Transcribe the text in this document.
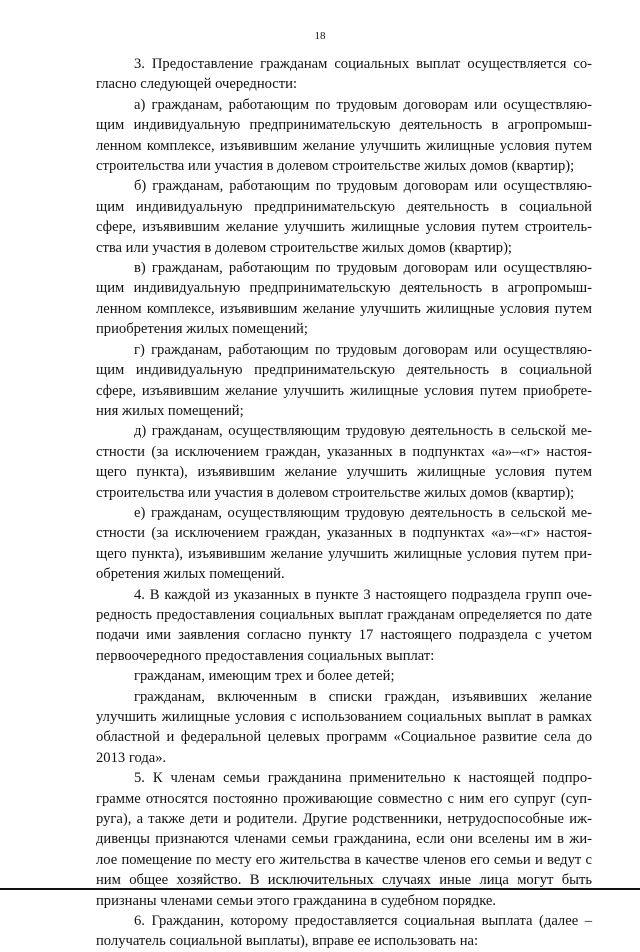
18

3. Предоставление гражданам социальных выплат осуществляется согласно следующей очередности:

а) гражданам, работающим по трудовым договорам или осуществляющим индивидуальную предпринимательскую деятельность в агропромышленном комплексе, изъявившим желание улучшить жилищные условия путем строительства или участия в долевом строительстве жилых домов (квартир);

б) гражданам, работающим по трудовым договорам или осуществляющим индивидуальную предпринимательскую деятельность в социальной сфере, изъявившим желание улучшить жилищные условия путем строительства или участия в долевом строительстве жилых домов (квартир);

в) гражданам, работающим по трудовым договорам или осуществляющим индивидуальную предпринимательскую деятельность в агропромышленном комплексе, изъявившим желание улучшить жилищные условия путем приобретения жилых помещений;

г) гражданам, работающим по трудовым договорам или осуществляющим индивидуальную предпринимательскую деятельность в социальной сфере, изъявившим желание улучшить жилищные условия путем приобретения жилых помещений;

д) гражданам, осуществляющим трудовую деятельность в сельской местности (за исключением граждан, указанных в подпунктах «а»–«г» настоящего пункта), изъявившим желание улучшить жилищные условия путем строительства или участия в долевом строительстве жилых домов (квартир);

е) гражданам, осуществляющим трудовую деятельность в сельской местности (за исключением граждан, указанных в подпунктах «а»–«г» настоящего пункта), изъявившим желание улучшить жилищные условия путем приобретения жилых помещений.

4. В каждой из указанных в пункте 3 настоящего подраздела групп очередность предоставления социальных выплат гражданам определяется по дате подачи ими заявления согласно пункту 17 настоящего подраздела с учетом первоочередного предоставления социальных выплат:

гражданам, имеющим трех и более детей;

гражданам, включенным в списки граждан, изъявивших желание улучшить жилищные условия с использованием социальных выплат в рамках областной и федеральной целевых программ «Социальное развитие села до 2013 года».

5. К членам семьи гражданина применительно к настоящей подпрограмме относятся постоянно проживающие совместно с ним его супруг (супруга), а также дети и родители. Другие родственники, нетрудоспособные иждивенцы признаются членами семьи гражданина, если они вселены им в жилое помещение по месту его жительства в качестве членов его семьи и ведут с ним общее хозяйство. В исключительных случаях иные лица могут быть признаны членами семьи этого гражданина в судебном порядке.

6. Гражданин, которому предоставляется социальная выплата (далее – получатель социальной выплаты), вправе ее использовать на:
